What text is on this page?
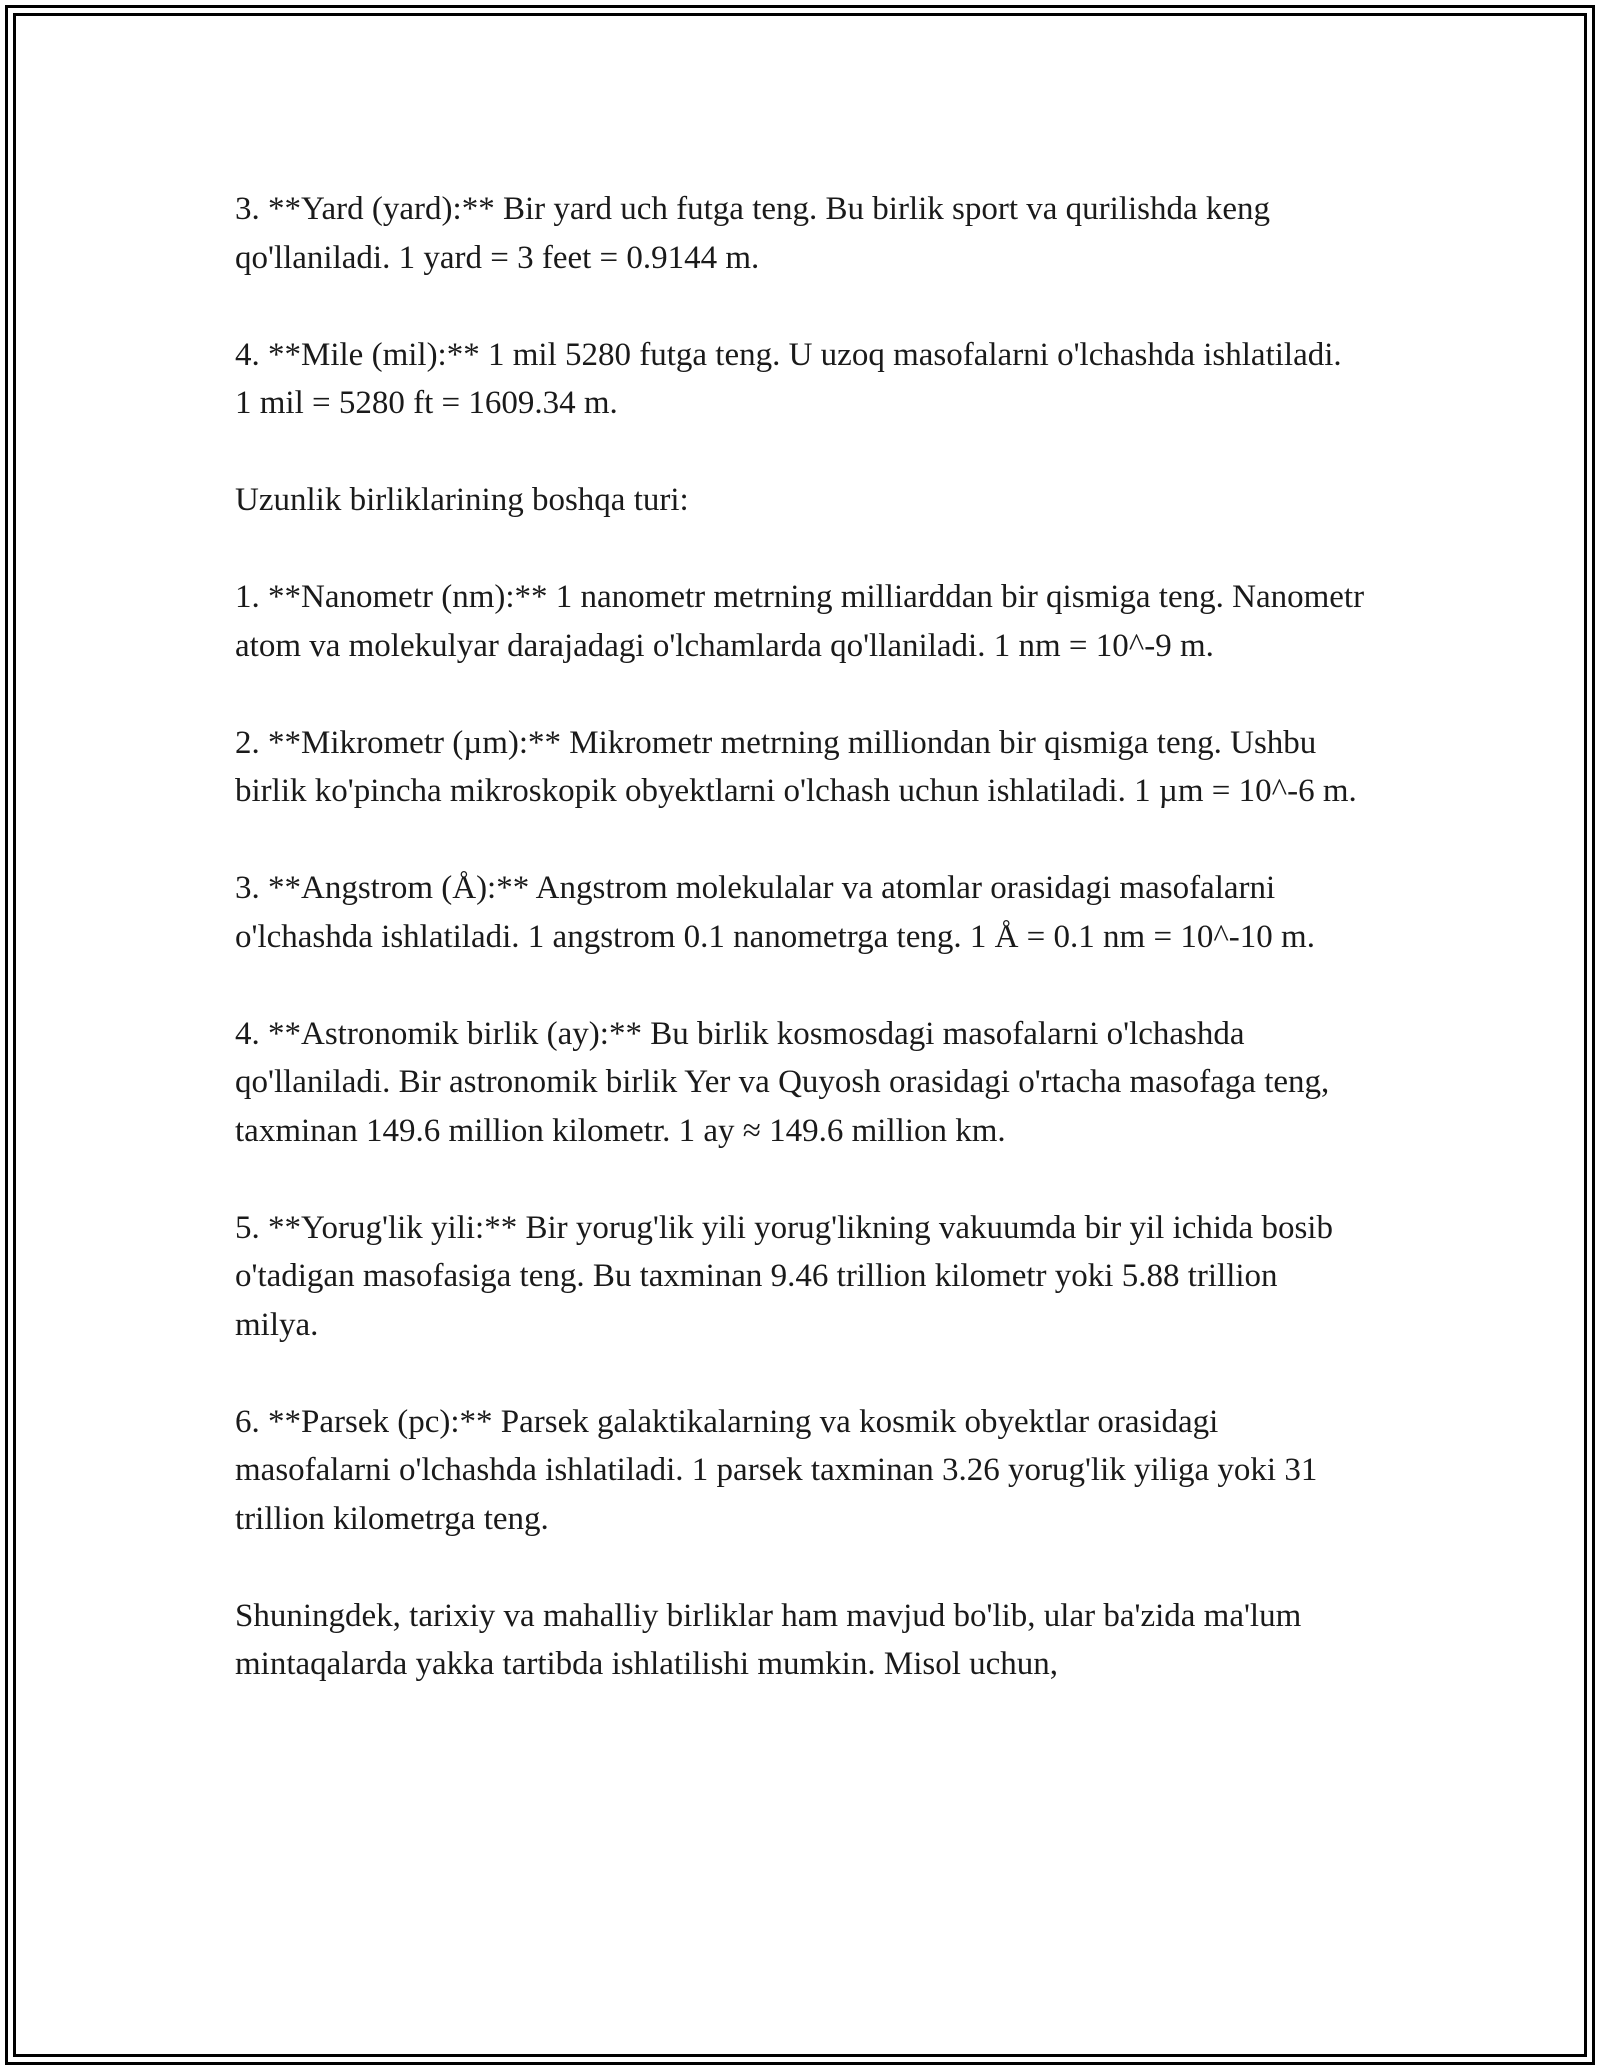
3. **Yard (yard):** Bir yard uch futga teng. Bu birlik sport va qurilishda keng qo'llaniladi. 1 yard = 3 feet = 0.9144 m.

4. **Mile (mil):** 1 mil 5280 futga teng. U uzoq masofalarni o'lchashda ishlatiladi. 1 mil = 5280 ft = 1609.34 m.

Uzunlik birliklarining boshqa turi:

1. **Nanometr (nm):** 1 nanometr metrning milliarddan bir qismiga teng. Nanometr atom va molekulyar darajadagi o'lchamlarda qo'llaniladi. 1 nm = 10^-9 m.

2. **Mikrometr (µm):** Mikrometr metrning milliondan bir qismiga teng. Ushbu birlik ko'pincha mikroskopik obyektlarni o'lchash uchun ishlatiladi. 1 µm = 10^-6 m.

3. **Angstrom (Å):** Angstrom molekulalar va atomlar orasidagi masofalarni o'lchashda ishlatiladi. 1 angstrom 0.1 nanometrga teng. 1 Å = 0.1 nm = 10^-10 m.

4. **Astronomik birlik (ay):** Bu birlik kosmosdagi masofalarni o'lchashda qo'llaniladi. Bir astronomik birlik Yer va Quyosh orasidagi o'rtacha masofaga teng, taxminan 149.6 million kilometr. 1 ay ≈ 149.6 million km.

5. **Yorug'lik yili:** Bir yorug'lik yili yorug'likning vakuumda bir yil ichida bosib o'tadigan masofasiga teng. Bu taxminan 9.46 trillion kilometr yoki 5.88 trillion milya.

6. **Parsek (pc):** Parsek galaktikalarning va kosmik obyektlar orasidagi masofalarni o'lchashda ishlatiladi. 1 parsek taxminan 3.26 yorug'lik yiliga yoki 31 trillion kilometrga teng.

Shuningdek, tarixiy va mahalliy birliklar ham mavjud bo'lib, ular ba'zida ma'lum mintaqalarda yakka tartibda ishlatilishi mumkin. Misol uchun,
